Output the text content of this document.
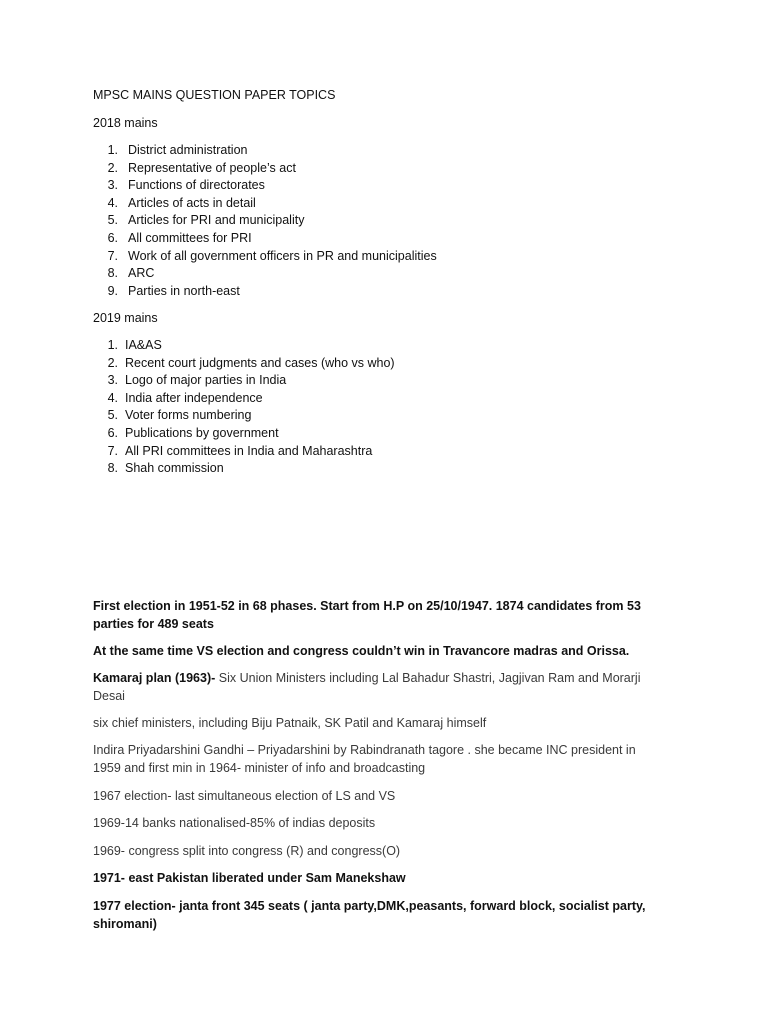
MPSC MAINS QUESTION PAPER TOPICS
2018 mains
1. District administration
2. Representative of people’s act
3. Functions of directorates
4. Articles of acts in detail
5. Articles for PRI and municipality
6. All committees for PRI
7. Work of all government officers in PR and municipalities
8. ARC
9. Parties in north-east
2019 mains
1. IA&AS
2. Recent court judgments and cases (who vs who)
3. Logo of major parties in India
4. India after independence
5. Voter forms numbering
6. Publications by government
7. All PRI committees in India and Maharashtra
8. Shah commission

First election in 1951-52 in 68 phases. Start from H.P on 25/10/1947. 1874 candidates from 53 parties for 489 seats

At the same time VS election and congress couldn’t win in Travancore madras and Orissa.

Kamaraj plan (1963)- Six Union Ministers including Lal Bahadur Shastri, Jagjivan Ram and Morarji Desai

six chief ministers, including Biju Patnaik, SK Patil and Kamaraj himself

Indira Priyadarshini Gandhi – Priyadarshini by Rabindranath tagore . she became INC president in 1959 and first min in 1964- minister of info and broadcasting

1967 election- last simultaneous election of LS and VS

1969-14 banks nationalised-85% of indias deposits

1969- congress split into congress (R) and congress(O)

1971- east Pakistan liberated under Sam Manekshaw

1977 election- janta front 345 seats ( janta party,DMK,peasants, forward block, socialist party, shiromani)
